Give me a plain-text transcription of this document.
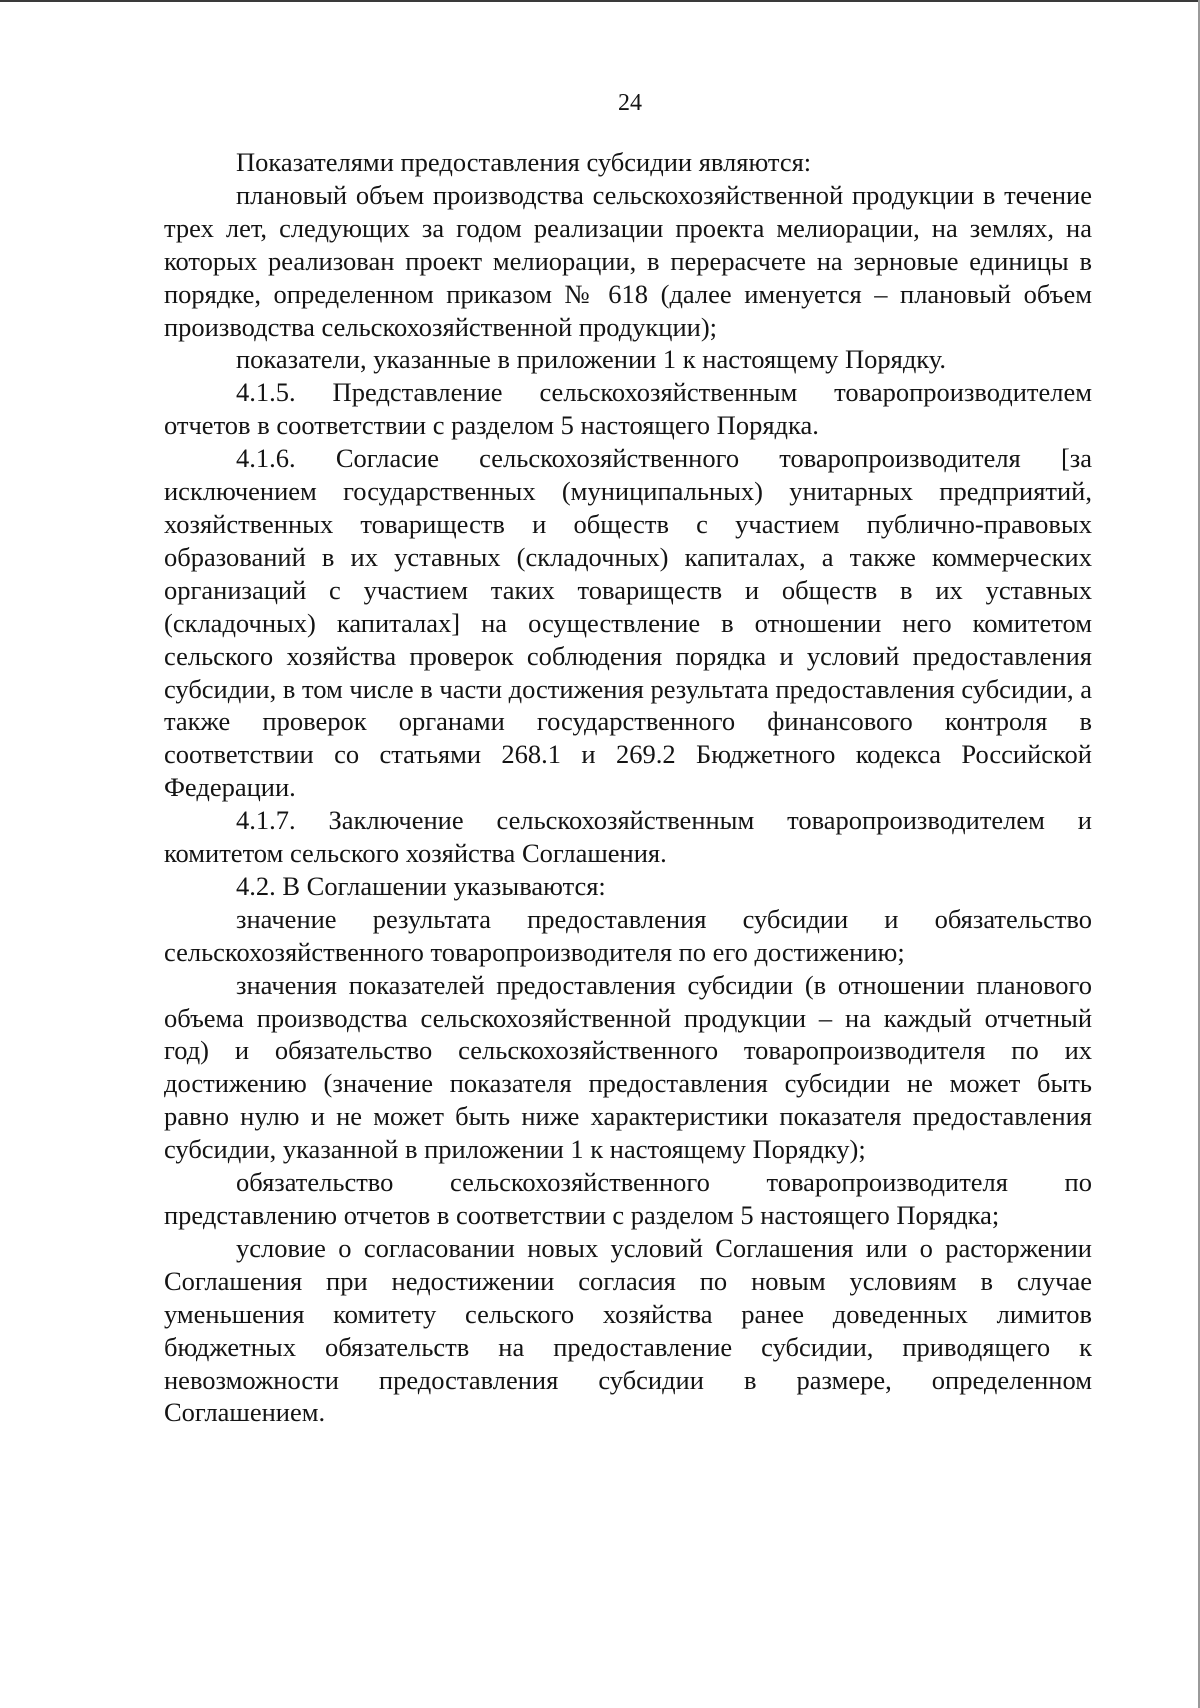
24

Показателями предоставления субсидии являются:

плановый объем производства сельскохозяйственной продукции в течение трех лет, следующих за годом реализации проекта мелиорации, на землях, на которых реализован проект мелиорации, в перерасчете на зерновые единицы в порядке, определенном приказом № 618 (далее именуется – плановый объем производства сельскохозяйственной продукции);

показатели, указанные в приложении 1 к настоящему Порядку.

4.1.5. Представление сельскохозяйственным товаропроизводителем отчетов в соответствии с разделом 5 настоящего Порядка.

4.1.6. Согласие сельскохозяйственного товаропроизводителя [за исключением государственных (муниципальных) унитарных предприятий, хозяйственных товариществ и обществ с участием публично-правовых образований в их уставных (складочных) капиталах, а также коммерческих организаций с участием таких товариществ и обществ в их уставных (складочных) капиталах] на осуществление в отношении него комитетом сельского хозяйства проверок соблюдения порядка и условий предоставления субсидии, в том числе в части достижения результата предоставления субсидии, а также проверок органами государственного финансового контроля в соответствии со статьями 268.1 и 269.2 Бюджетного кодекса Российской Федерации.

4.1.7. Заключение сельскохозяйственным товаропроизводителем и комитетом сельского хозяйства Соглашения.

4.2. В Соглашении указываются:

значение результата предоставления субсидии и обязательство сельскохозяйственного товаропроизводителя по его достижению;

значения показателей предоставления субсидии (в отношении планового объема производства сельскохозяйственной продукции – на каждый отчетный год) и обязательство сельскохозяйственного товаропроизводителя по их достижению (значение показателя предоставления субсидии не может быть равно нулю и не может быть ниже характеристики показателя предоставления субсидии, указанной в приложении 1 к настоящему Порядку);

обязательство сельскохозяйственного товаропроизводителя по представлению отчетов в соответствии с разделом 5 настоящего Порядка;

условие о согласовании новых условий Соглашения или о расторжении Соглашения при недостижении согласия по новым условиям в случае уменьшения комитету сельского хозяйства ранее доведенных лимитов бюджетных обязательств на предоставление субсидии, приводящего к невозможности предоставления субсидии в размере, определенном Соглашением.
